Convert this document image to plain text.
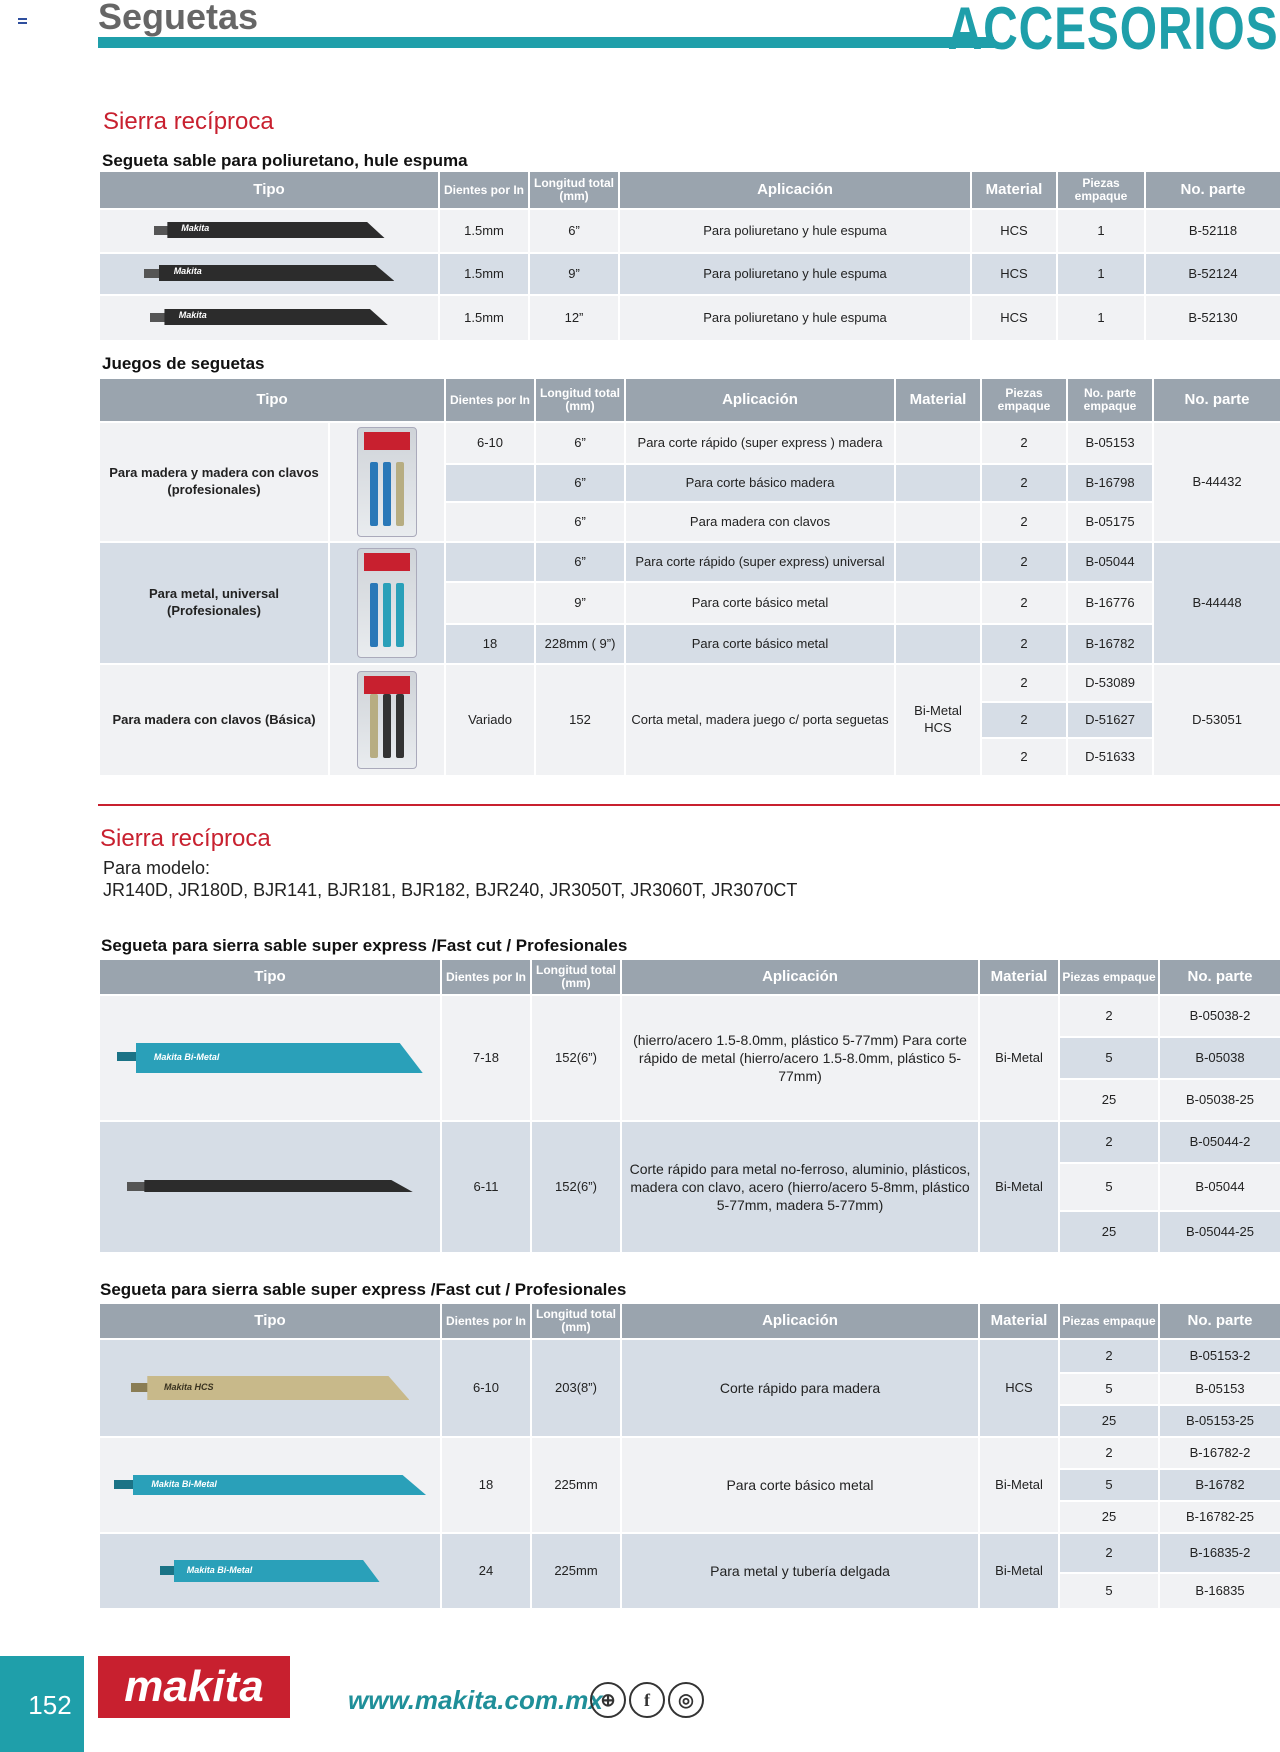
Seguetas	ACCESORIOS
Sierra recíproca
Segueta sable para poliuretano, hule espuma
Tipo	Dientes por In	Longitud total (mm)	Aplicación	Material	Piezas empaque	No. parte

Makita	1.5mm	6”	Para poliuretano y hule espuma	HCS	1	B-52118

Makita	1.5mm	9”	Para poliuretano y hule espuma	HCS	1	B-52124

Makita	1.5mm	12”	Para poliuretano y hule espuma	HCS	1	B-52130
Juegos de seguetas
Tipo		Dientes por In	Longitud total (mm)	Aplicación	Material	Piezas empaque	No. parte empaque	No. parte
Para madera y madera con clavos (profesionales)		6-10	6”	Para corte rápido (super express ) madera		2	B-05153	B-44432
			6”	Para corte básico madera		2	B-16798	
			6”	Para madera con clavos		2	B-05175	
Para metal, universal (Profesionales)			6”	Para corte rápido (super express) universal		2	B-05044	B-44448
			9”	Para corte básico metal		2	B-16776	
		18	228mm ( 9”)	Para corte básico metal		2	B-16782	
Para madera con clavos (Básica)		Variado	152	Corta metal, madera juego c/ porta seguetas	Bi-Metal HCS	2	D-53089	D-53051
						2	D-51627	
						2	D-51633	
Sierra recíproca
Para modelo:
JR140D, JR180D, BJR141, BJR181, BJR182, BJR240, JR3050T, JR3060T, JR3070CT
Segueta para sierra sable super express /Fast cut / Profesionales
Tipo	Dientes por In	Longitud total (mm)	Aplicación	Material	Piezas empaque	No. parte

Makita Bi-Metal	7-18	152(6”)	(hierro/acero 1.5-8.0mm, plástico 5-77mm) Para corte rápido de metal (hierro/acero 1.5-8.0mm, plástico 5-77mm)	Bi-Metal	2	B-05038-2
					5	B-05038
					25	B-05038-25

	6-11	152(6”)	Corte rápido para metal no-ferroso, aluminio, plásticos, madera con clavo, acero (hierro/acero 5-8mm, plástico 5-77mm, madera 5-77mm)	Bi-Metal	2	B-05044-2
					5	B-05044
					25	B-05044-25
Segueta para sierra sable super express /Fast cut / Profesionales
Tipo	Dientes por In	Longitud total (mm)	Aplicación	Material	Piezas empaque	No. parte

Makita HCS	6-10	203(8”)	Corte rápido para madera	HCS	2	B-05153-2
					5	B-05153
					25	B-05153-25

Makita Bi-Metal	18	225mm	Para corte básico metal	Bi-Metal	2	B-16782-2
					5	B-16782
					25	B-16782-25

Makita Bi-Metal	24	225mm	Para metal y tubería delgada	Bi-Metal	2	B-16835-2
					5	B-16835
152	makita	www.makita.com.mx
⊕	f	◎
